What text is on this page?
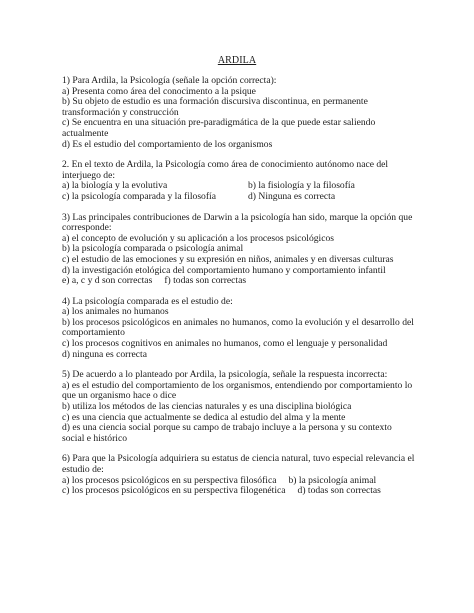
ARDILA
1) Para Ardila, la Psicología (señale la opción correcta):
a) Presenta como área del conocimento a la psique
b) Su objeto de estudio es una formación discursiva discontinua, en permanente
transformación y construcción
c) Se encuentra en una situación pre-paradigmática de la que puede estar saliendo
actualmente
d) Es el estudio del comportamiento de los organismos
2. En el texto de Ardila, la Psicología como área de conocimiento autónomo nace del
interjuego de:
a) la biología y la evolutiva	b) la fisiología y la filosofía
c) la psicología comparada y la filosofía	d) Ninguna es correcta
3) Las principales contribuciones de Darwin a la psicología han sido, marque la opción que
corresponde:
a) el concepto de evolución y su aplicación a los procesos psicológicos
b) la psicología comparada o psicología animal
c) el estudio de las emociones y su expresión en niños, animales y en diversas culturas
d) la investigación etológica del comportamiento humano y comportamiento infantil
e) a, c y d son correctas f) todas son correctas
4) La psicología comparada es el estudio de:
a) los animales no humanos
b) los procesos psicológicos en animales no humanos, como la evolución y el desarrollo del
comportamiento
c) los procesos cognitivos en animales no humanos, como el lenguaje y personalidad
d) ninguna es correcta
5) De acuerdo a lo planteado por Ardila, la psicología, señale la respuesta incorrecta:
a) es el estudio del comportamiento de los organismos, entendiendo por comportamiento lo
que un organismo hace o dice
b) utiliza los métodos de las ciencias naturales y es una disciplina biológica
c) es una ciencia que actualmente se dedica al estudio del alma y la mente
d) es una ciencia social porque su campo de trabajo incluye a la persona y su contexto
social e histórico
6) Para que la Psicología adquiriera su estatus de ciencia natural, tuvo especial relevancia el
estudio de:
a) los procesos psicológicos en su perspectiva filosófica b) la psicología animal
c) los procesos psicológicos en su perspectiva filogenética d) todas son correctas
